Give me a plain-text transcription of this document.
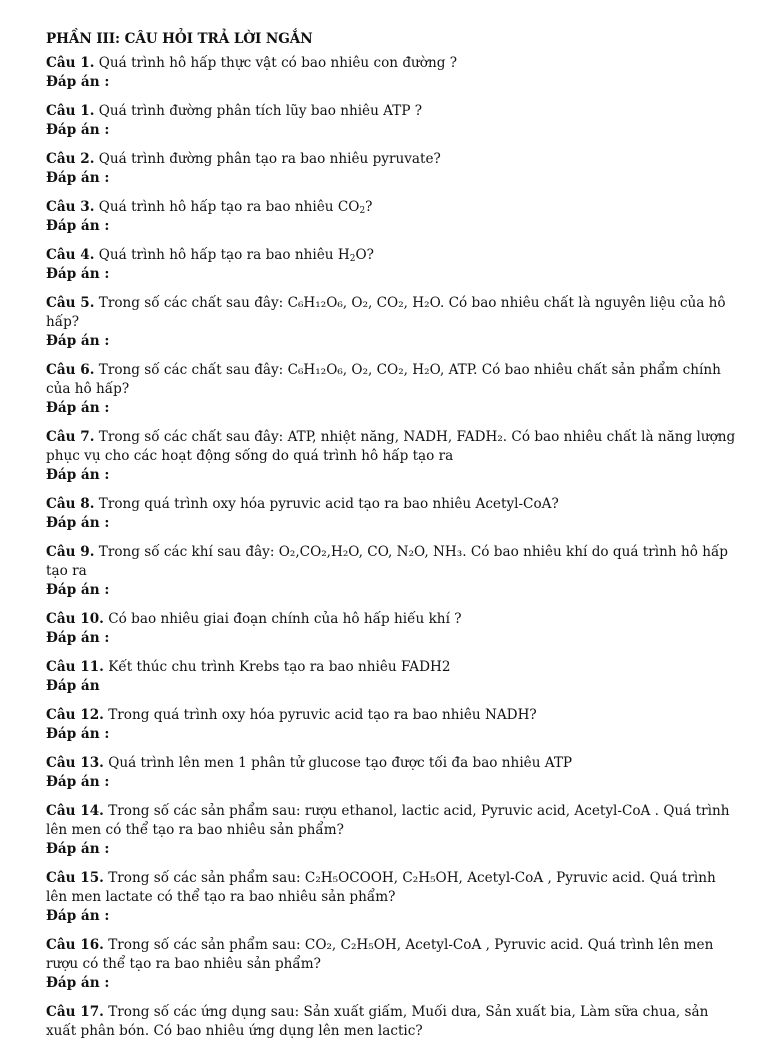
PHẦN III: CÂU HỎI TRẢ LỜI NGẮN
Câu 1. Quá trình hô hấp thực vật có bao nhiêu con đường ?
Đáp án :
Câu 1. Quá trình đường phân tích lũy bao nhiêu ATP ?
Đáp án :
Câu 2. Quá trình đường phân tạo ra bao nhiêu pyruvate?
Đáp án :
Câu 3. Quá trình hô hấp tạo ra bao nhiêu $CO_2$?
Đáp án :
Câu 4. Quá trình hô hấp tạo ra bao nhiêu $H_2O$?
Đáp án :
Câu 5. Trong số các chất sau đây: C₆H₁₂O₆, O₂, CO₂, H₂O. Có bao nhiêu chất là nguyên liệu của hô hấp?
Đáp án :
Câu 6. Trong số các chất sau đây: C₆H₁₂O₆, O₂, CO₂, H₂O, ATP. Có bao nhiêu chất sản phẩm chính của hô hấp?
Đáp án :
Câu 7. Trong số các chất sau đây: ATP, nhiệt năng, NADH, FADH₂. Có bao nhiêu chất là năng lượng phục vụ cho các hoạt động sống do quá trình hô hấp tạo ra
Đáp án :
Câu 8. Trong quá trình oxy hóa pyruvic acid tạo ra bao nhiêu Acetyl-CoA?
Đáp án :
Câu 9. Trong số các khí sau đây: O₂,CO₂,H₂O, CO, N₂O, NH₃. Có bao nhiêu khí do quá trình hô hấp tạo ra
Đáp án :
Câu 10. Có bao nhiêu giai đoạn chính của hô hấp hiếu khí ?
Đáp án :
Câu 11. Kết thúc chu trình Krebs tạo ra bao nhiêu FADH2
Đáp án
Câu 12. Trong quá trình oxy hóa pyruvic acid tạo ra bao nhiêu NADH?
Đáp án :
Câu 13. Quá trình lên men 1 phân tử glucose tạo được tối đa bao nhiêu ATP
Đáp án :
Câu 14. Trong số các sản phẩm sau: rượu ethanol, lactic acid, Pyruvic acid, Acetyl-CoA . Quá trình lên men có thể tạo ra bao nhiêu sản phẩm?
Đáp án :
Câu 15. Trong số các sản phẩm sau: C₂H₅OCOOH, C₂H₅OH, Acetyl-CoA , Pyruvic acid. Quá trình lên men lactate có thể tạo ra bao nhiêu sản phẩm?
Đáp án :
Câu 16. Trong số các sản phẩm sau: CO₂, C₂H₅OH, Acetyl-CoA , Pyruvic acid. Quá trình lên men rượu có thể tạo ra bao nhiêu sản phẩm?
Đáp án :
Câu 17. Trong số các ứng dụng sau: Sản xuất giấm, Muối dưa, Sản xuất bia, Làm sữa chua, sản xuất phân bón. Có bao nhiêu ứng dụng lên men lactic?
